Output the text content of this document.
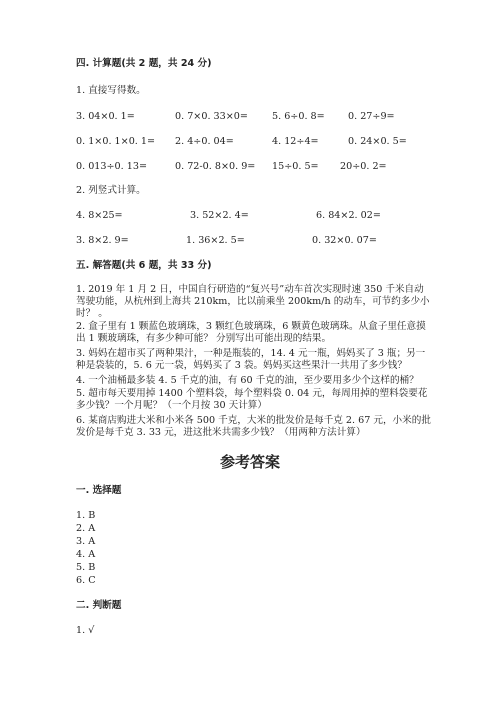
四. 计算题(共 2 题，共 24 分)
1. 直接写得数。
3. 04×0. 1=	0. 7×0. 33×0=	5. 6÷0. 8= 0. 27÷9=
0. 1×0. 1×0. 1= 2. 4÷0. 04=	4. 12÷4=	0. 24×0. 5=
0. 013÷0. 13=	0. 72-0. 8×0. 9= 15÷0. 5= 20÷0. 2=
2. 列竖式计算。
4. 8×25=	3. 52×2. 4=	6. 84×2. 02=
3. 8×2. 9=	1. 36×2. 5=	0. 32×0. 07=
五. 解答题(共 6 题，共 33 分)
1. 2019 年 1 月 2 日，中国自行研造的“复兴号”动车首次实现时速 350 千米自动驾驶功能，从杭州到上海共 210km，比以前乘坐 200km/h 的动车，可节约多少小时？ 。
2. 盒子里有 1 颗蓝色玻璃珠，3 颗红色玻璃珠，6 颗黄色玻璃珠。从盒子里任意摸出 1 颗玻璃珠，有多少种可能？ 分别写出可能出现的结果。
3. 妈妈在超市买了两种果汁，一种是瓶装的，14. 4 元一瓶，妈妈买了 3 瓶；另一种是袋装的，5. 6 元一袋，妈妈买了 3 袋。妈妈买这些果汁一共用了多少钱？
4. 一个油桶最多装 4. 5 千克的油，有 60 千克的油，至少要用多少个这样的桶？
5. 超市每天要用掉 1400 个塑料袋，每个塑料袋 0. 04 元，每周用掉的塑料袋要花多少钱？一个月呢？（一个月按 30 天计算）
6. 某商店购进大米和小米各 500 千克，大米的批发价是每千克 2. 67 元，小米的批发价是每千克 3. 33 元，进这批米共需多少钱？（用两种方法计算）
参考答案
一. 选择题
1. B
2. A
3. A
4. A
5. B
6. C
二. 判断题
1. √
